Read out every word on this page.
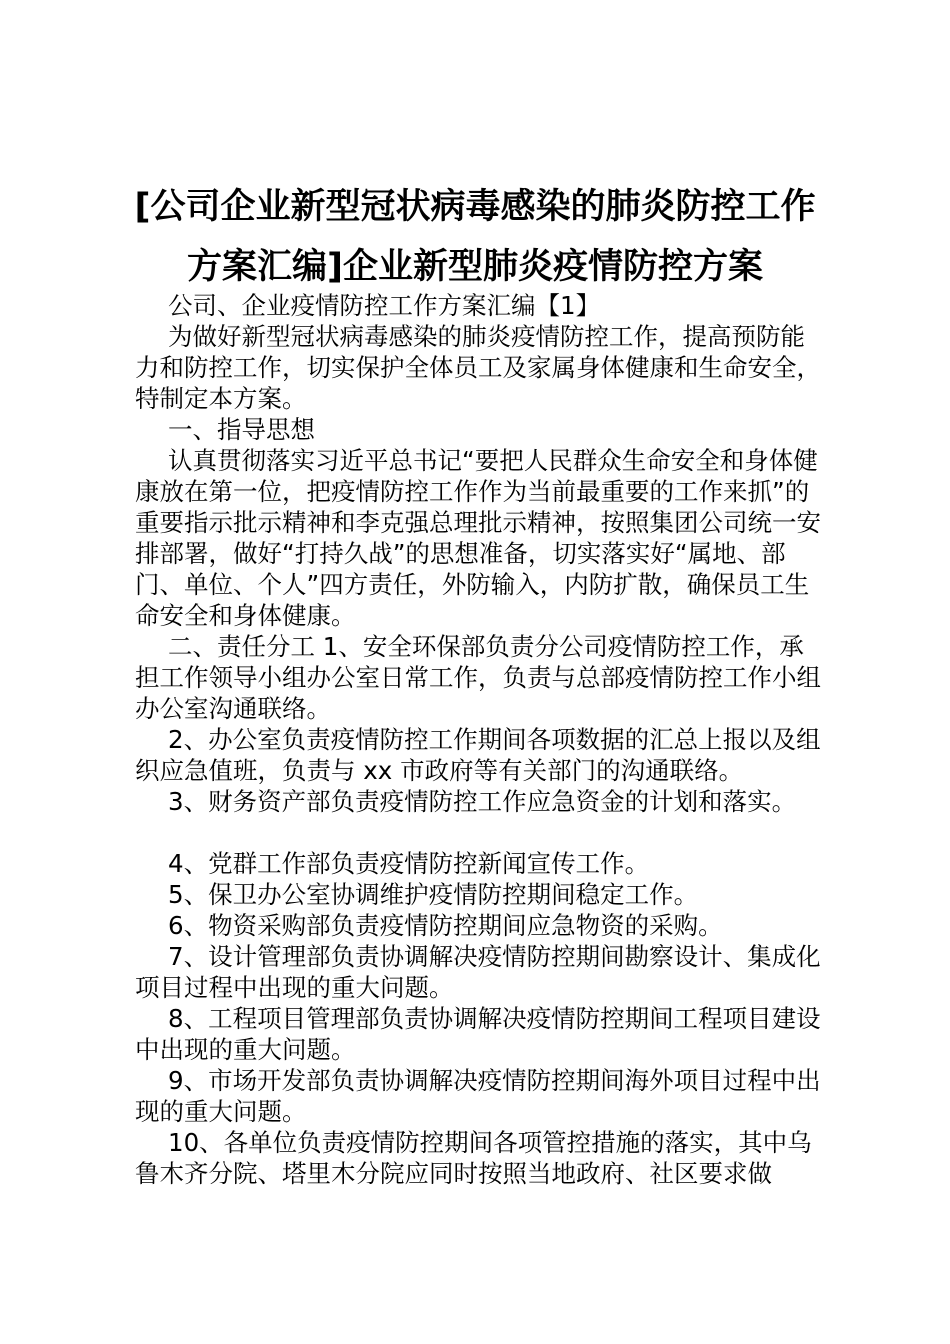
[公司企业新型冠状病毒感染的肺炎防控工作
方案汇编]企业新型肺炎疫情防控方案

公司、企业疫情防控工作方案汇编【1】

为做好新型冠状病毒感染的肺炎疫情防控工作，提高预防能力和防控工作，切实保护全体员工及家属身体健康和生命安全，特制定本方案。

一、指导思想

认真贯彻落实习近平总书记“要把人民群众生命安全和身体健康放在第一位，把疫情防控工作作为当前最重要的工作来抓”的重要指示批示精神和李克强总理批示精神，按照集团公司统一安排部署，做好“打持久战”的思想准备，切实落实好“属地、部门、单位、个人”四方责任，外防输入，内防扩散，确保员工生命安全和身体健康。

二、责任分工 1、安全环保部负责分公司疫情防控工作，承担工作领导小组办公室日常工作，负责与总部疫情防控工作小组办公室沟通联络。

2、办公室负责疫情防控工作期间各项数据的汇总上报以及组织应急值班，负责与 xx 市政府等有关部门的沟通联络。

3、财务资产部负责疫情防控工作应急资金的计划和落实。

4、党群工作部负责疫情防控新闻宣传工作。

5、保卫办公室协调维护疫情防控期间稳定工作。

6、物资采购部负责疫情防控期间应急物资的采购。

7、设计管理部负责协调解决疫情防控期间勘察设计、集成化项目过程中出现的重大问题。

8、工程项目管理部负责协调解决疫情防控期间工程项目建设中出现的重大问题。

9、市场开发部负责协调解决疫情防控期间海外项目过程中出现的重大问题。

10、各单位负责疫情防控期间各项管控措施的落实，其中乌鲁木齐分院、塔里木分院应同时按照当地政府、社区要求做
